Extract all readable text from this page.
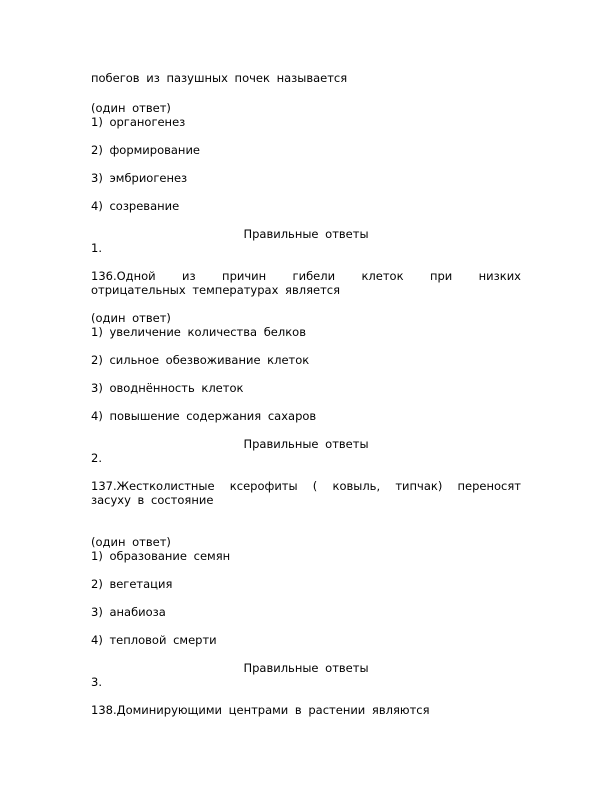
побегов из пазушных почек называется
(один ответ)
1) органогенез
2) формирование
3) эмбриогенез
4) созревание
Правильные ответы
1.
136.Одной из причин гибели клеток при низких
отрицательных температурах является
(один ответ)
1) увеличение количества белков
2) сильное обезвоживание клеток
3) оводнённость клеток
4) повышение содержания сахаров
Правильные ответы
2.
137.Жестколистные ксерофиты ( ковыль, типчак) переносят
засуху в состояние
(один ответ)
1) образование семян
2) вегетация
3) анабиоза
4) тепловой смерти
Правильные ответы
3.
138.Доминирующими центрами в растении являются
